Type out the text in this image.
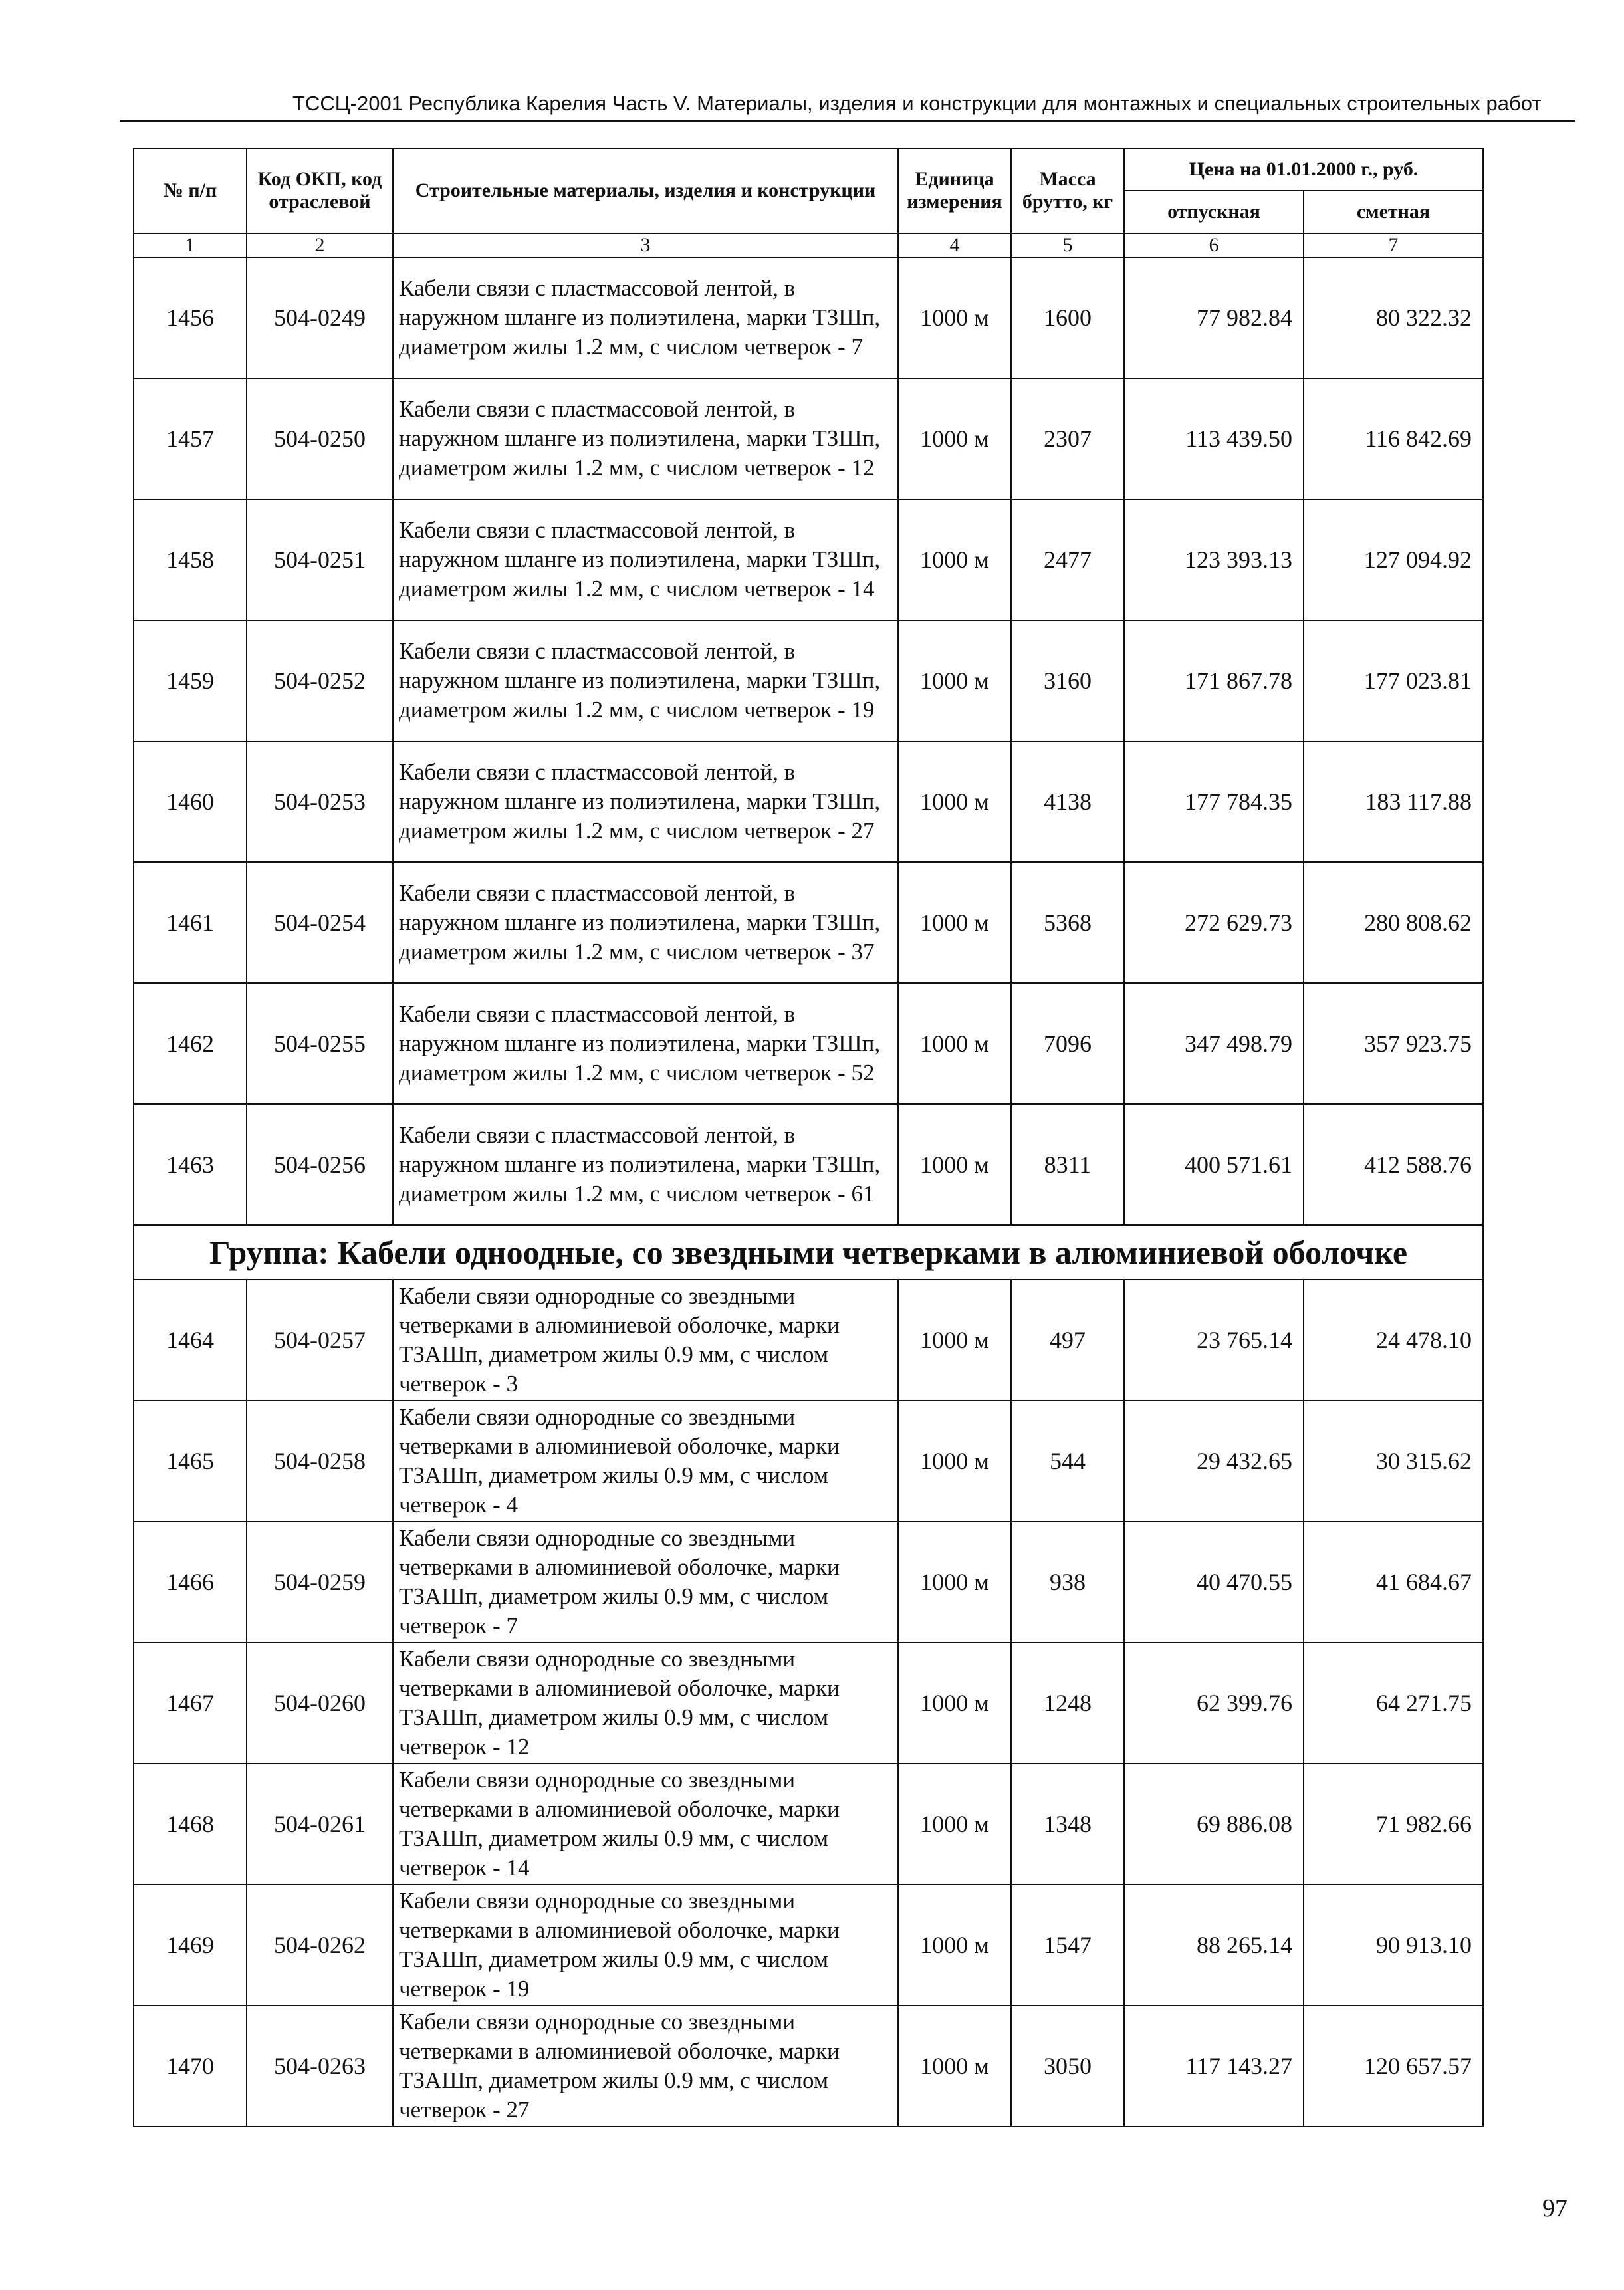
ТССЦ-2001 Республика Карелия Часть V. Материалы, изделия и конструкции для монтажных и специальных строительных работ
№ п/п	Код ОКП, код отраслевой	Строительные материалы, изделия и конструкции	Единица измерения	Масса брутто, кг	Цена на 01.01.2000 г., руб.	
					отпускная	сметная
1	2	3	4	5	6	7
1456	504-0249	Кабели связи с пластмассовой лентой, в наружном шланге из полиэтилена, марки ТЗШп, диаметром жилы 1.2 мм, с числом четверок - 7	1000 м	1600	77 982.84	80 322.32
1457	504-0250	Кабели связи с пластмассовой лентой, в наружном шланге из полиэтилена, марки ТЗШп, диаметром жилы 1.2 мм, с числом четверок - 12	1000 м	2307	113 439.50	116 842.69
1458	504-0251	Кабели связи с пластмассовой лентой, в наружном шланге из полиэтилена, марки ТЗШп, диаметром жилы 1.2 мм, с числом четверок - 14	1000 м	2477	123 393.13	127 094.92
1459	504-0252	Кабели связи с пластмассовой лентой, в наружном шланге из полиэтилена, марки ТЗШп, диаметром жилы 1.2 мм, с числом четверок - 19	1000 м	3160	171 867.78	177 023.81
1460	504-0253	Кабели связи с пластмассовой лентой, в наружном шланге из полиэтилена, марки ТЗШп, диаметром жилы 1.2 мм, с числом четверок - 27	1000 м	4138	177 784.35	183 117.88
1461	504-0254	Кабели связи с пластмассовой лентой, в наружном шланге из полиэтилена, марки ТЗШп, диаметром жилы 1.2 мм, с числом четверок - 37	1000 м	5368	272 629.73	280 808.62
1462	504-0255	Кабели связи с пластмассовой лентой, в наружном шланге из полиэтилена, марки ТЗШп, диаметром жилы 1.2 мм, с числом четверок - 52	1000 м	7096	347 498.79	357 923.75
1463	504-0256	Кабели связи с пластмассовой лентой, в наружном шланге из полиэтилена, марки ТЗШп, диаметром жилы 1.2 мм, с числом четверок - 61	1000 м	8311	400 571.61	412 588.76
Группа: Кабели однoодные, со звездными четверками в алюминиевой оболочке						
1464	504-0257	Кабели связи однородные со звездными четверками в алюминиевой оболочке, марки ТЗАШп, диаметром жилы 0.9 мм, с числом четверок - 3	1000 м	497	23 765.14	24 478.10
1465	504-0258	Кабели связи однородные со звездными четверками в алюминиевой оболочке, марки ТЗАШп, диаметром жилы 0.9 мм, с числом четверок - 4	1000 м	544	29 432.65	30 315.62
1466	504-0259	Кабели связи однородные со звездными четверками в алюминиевой оболочке, марки ТЗАШп, диаметром жилы 0.9 мм, с числом четверок - 7	1000 м	938	40 470.55	41 684.67
1467	504-0260	Кабели связи однородные со звездными четверками в алюминиевой оболочке, марки ТЗАШп, диаметром жилы 0.9 мм, с числом четверок - 12	1000 м	1248	62 399.76	64 271.75
1468	504-0261	Кабели связи однородные со звездными четверками в алюминиевой оболочке, марки ТЗАШп, диаметром жилы 0.9 мм, с числом четверок - 14	1000 м	1348	69 886.08	71 982.66
1469	504-0262	Кабели связи однородные со звездными четверками в алюминиевой оболочке, марки ТЗАШп, диаметром жилы 0.9 мм, с числом четверок - 19	1000 м	1547	88 265.14	90 913.10
1470	504-0263	Кабели связи однородные со звездными четверками в алюминиевой оболочке, марки ТЗАШп, диаметром жилы 0.9 мм, с числом четверок - 27	1000 м	3050	117 143.27	120 657.57
97
